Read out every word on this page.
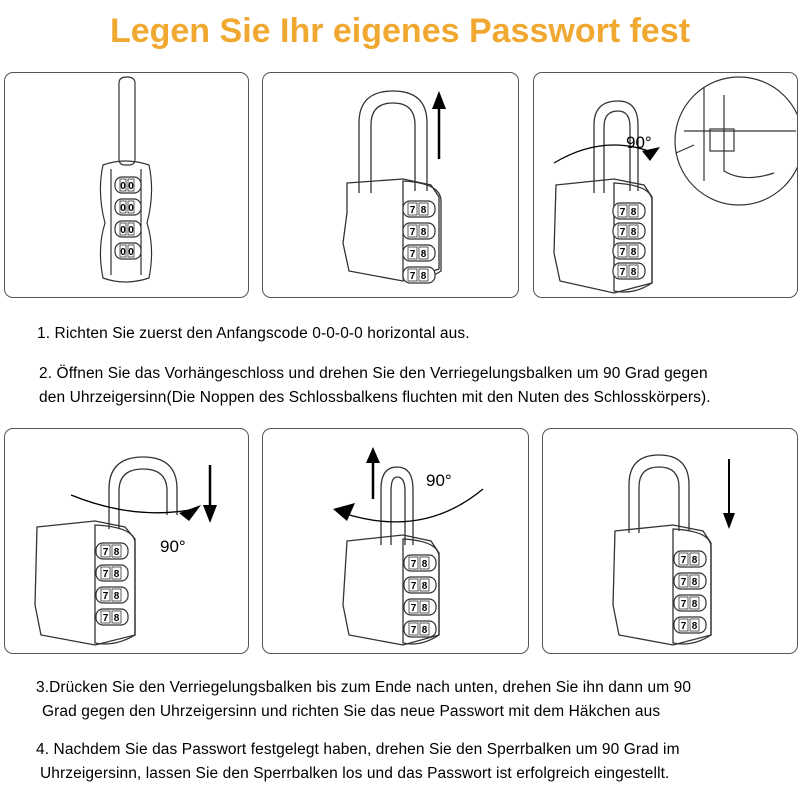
Legen Sie Ihr eigenes Passwort fest
0 0
0 0
0 0
0 0
7 8
7 8
7 8
7 8
7 8
7 8
7 8
7 8
90°
1. Richten Sie zuerst den Anfangscode 0-0-0-0 horizontal aus.
2. Öffnen Sie das Vorhängeschloss und drehen Sie den Verriegelungsbalken um 90 Grad gegen
den Uhrzeigersinn(Die Noppen des Schlossbalkens fluchten mit den Nuten des Schlosskörpers).
7 8
7 8
7 8
7 8
90°
7 8
7 8
7 8
7 8
90°
7 8
7 8
7 8
7 8
3.Drücken Sie den Verriegelungsbalken bis zum Ende nach unten, drehen Sie ihn dann um 90
Grad gegen den Uhrzeigersinn und richten Sie das neue Passwort mit dem Häkchen aus
4. Nachdem Sie das Passwort festgelegt haben, drehen Sie den Sperrbalken um 90 Grad im
Uhrzeigersinn, lassen Sie den Sperrbalken los und das Passwort ist erfolgreich eingestellt.
